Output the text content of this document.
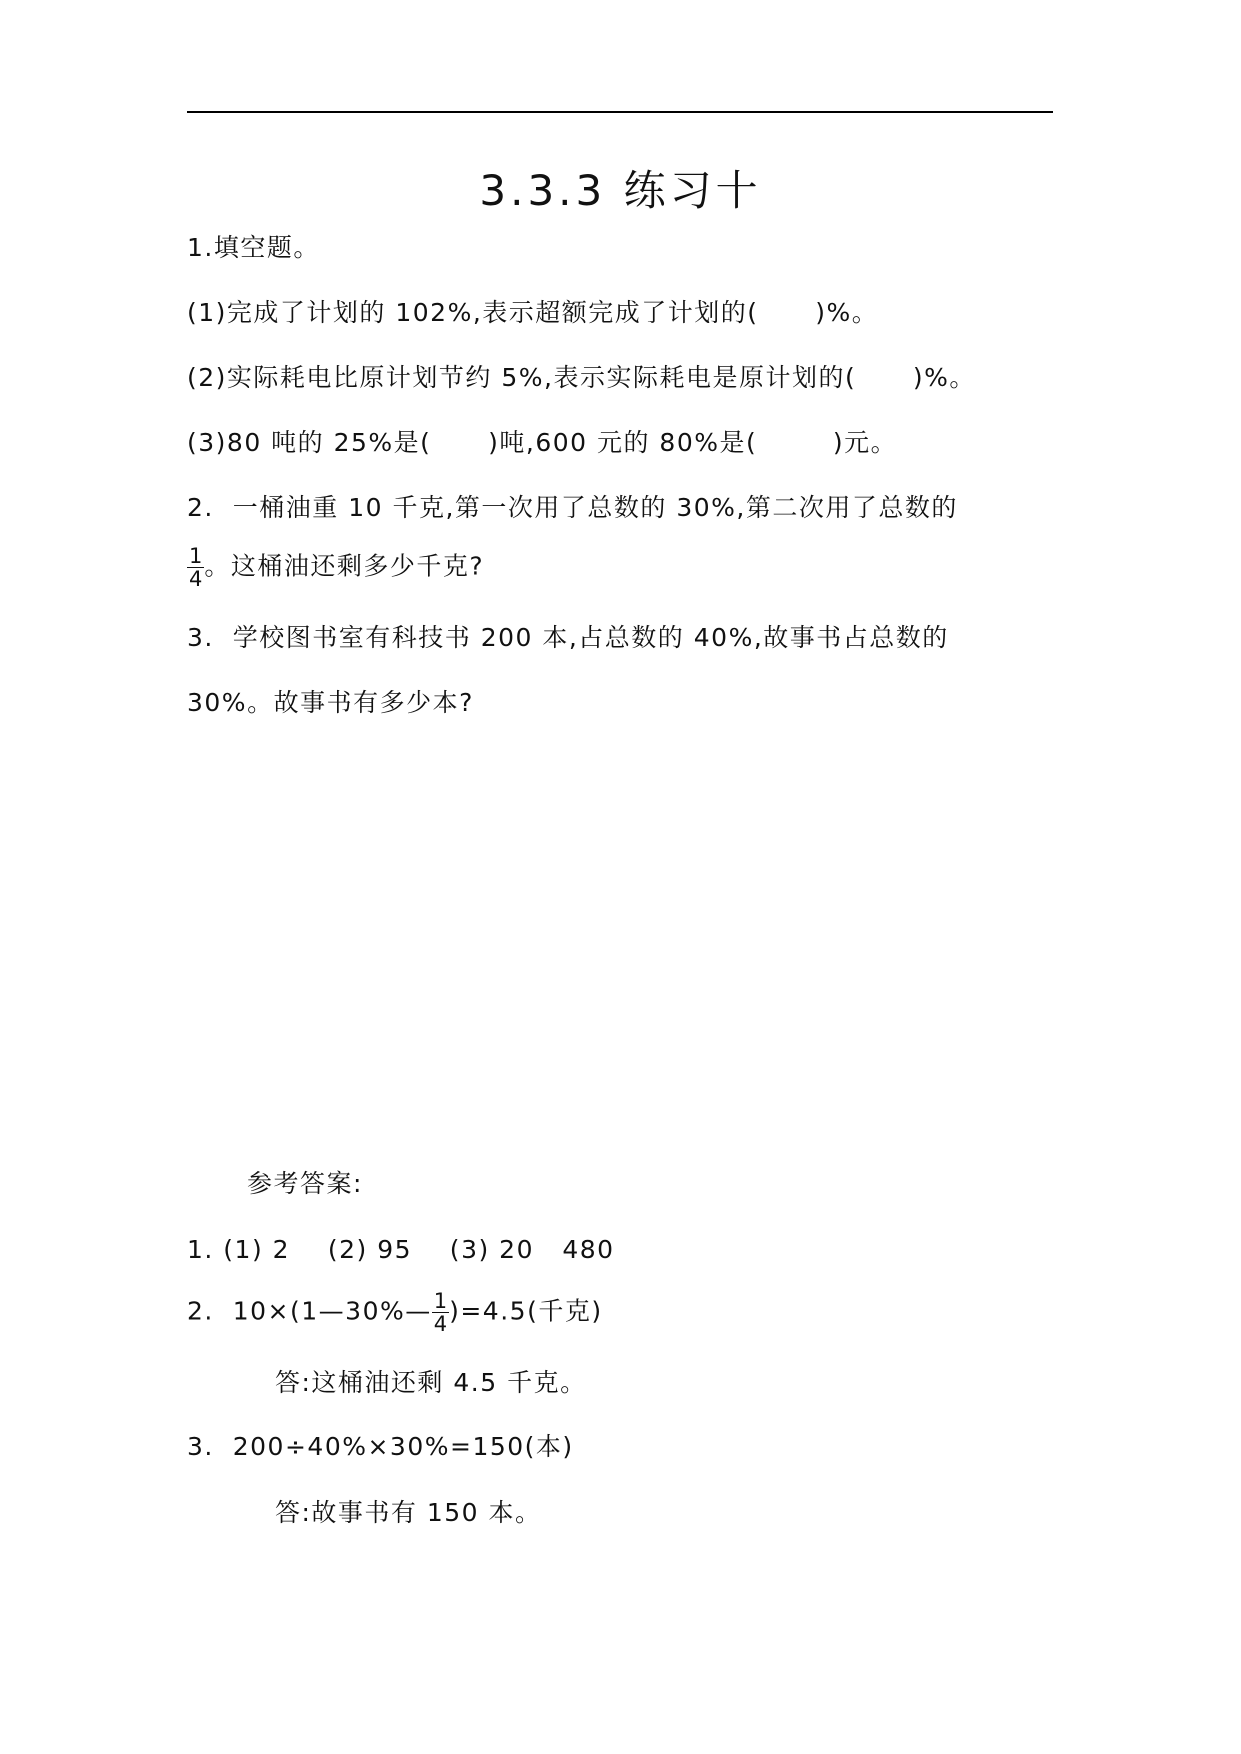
3.3.3 练习十
1.填空题。
(1)完成了计划的 102%,表示超额完成了计划的(      )%。
(2)实际耗电比原计划节约 5%,表示实际耗电是原计划的(      )%。
(3)80 吨的 25%是(      )吨,600 元的 80%是(        )元。
2.  一桶油重 10 千克,第一次用了总数的 30%,第二次用了总数的
$\frac{1}{4}$ 。这桶油还剩多少千克?
3.  学校图书室有科技书 200 本,占总数的 40%,故事书占总数的
30%。故事书有多少本?
参考答案:
1. (1) 2    (2) 95    (3) 20   480
2.  10×(1—30%— $\frac{1}{4} )=4.5$(千克)
答:这桶油还剩 4.5 千克。
3.  200÷40%×30%=150(本)
答:故事书有 150 本。
